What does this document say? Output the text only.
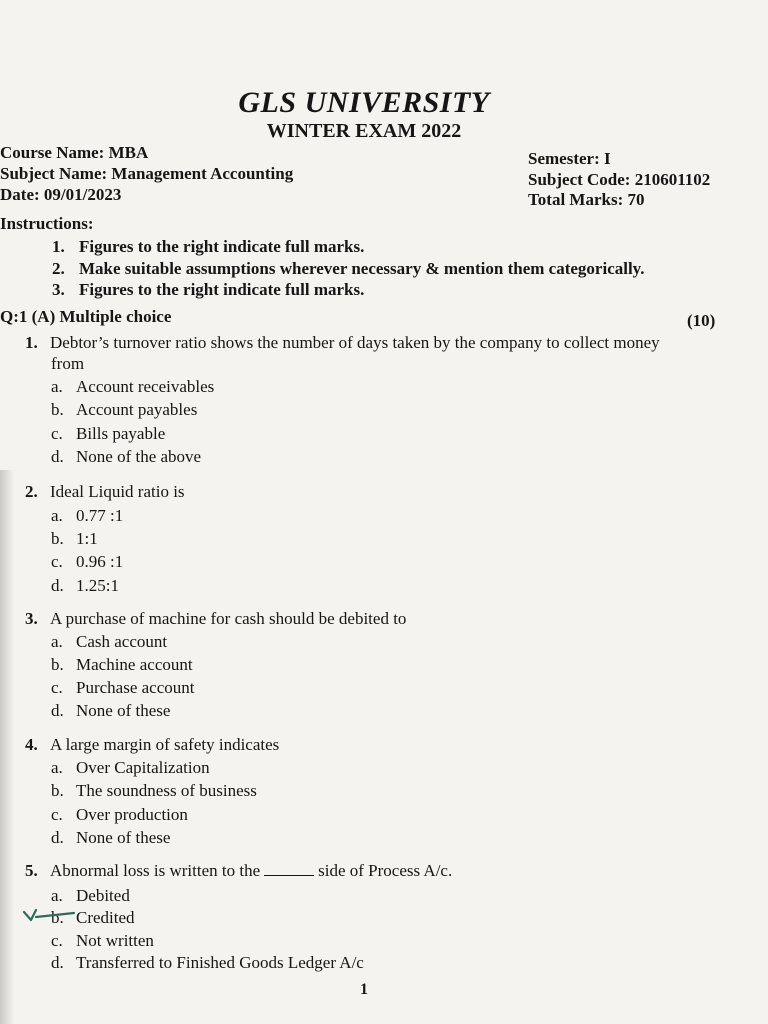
GLS UNIVERSITY
WINTER EXAM 2022
Course Name: MBA
Subject Name: Management Accounting
Date: 09/01/2023
Semester: I
Subject Code: 210601102
Total Marks: 70
Instructions:
1. Figures to the right indicate full marks.
2. Make suitable assumptions wherever necessary & mention them categorically.
3. Figures to the right indicate full marks.
Q:1 (A) Multiple choice	(10)
1. Debtor’s turnover ratio shows the number of days taken by the company to collect money
from
a. Account receivables
b. Account payables
c. Bills payable
d. None of the above
2. Ideal Liquid ratio is
a. 0.77 :1
b. 1:1
c. 0.96 :1
d. 1.25:1
3. A purchase of machine for cash should be debited to
a. Cash account
b. Machine account
c. Purchase account
d. None of these
4. A large margin of safety indicates
a. Over Capitalization
b. The soundness of business
c. Over production
d. None of these
5. Abnormal loss is written to the	side of Process A/c.
a. Debited
b. Credited
c. Not written
d. Transferred to Finished Goods Ledger A/c
1
